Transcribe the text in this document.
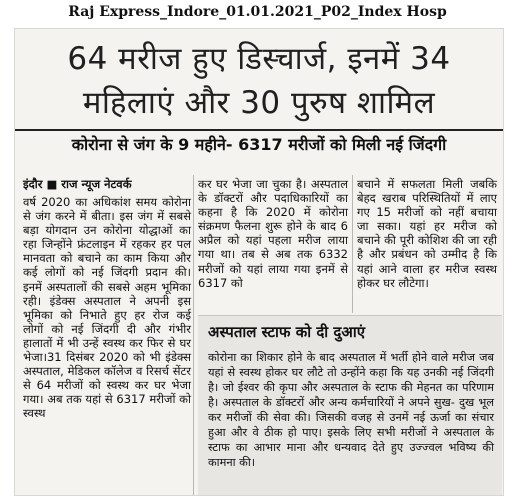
Raj Express_Indore_01.01.2021_P02_Index Hosp
64 मरीज हुए डिस्चार्ज, इनमें 34
महिलाएं और 30 पुरुष शामिल
कोरोना से जंग के 9 महीने- 6317 मरीजों को मिली नई जिंदगी
इंदौर ■ राज न्यूज नेटवर्क

वर्ष 2020 का अधिकांश समय कोरोना से जंग करने में बीता। इस जंग में सबसे बड़ा योगदान उन कोरोना योद्धाओं का रहा जिन्होंने फ्रंटलाइन में रहकर हर पल मानवता को बचाने का काम किया और कई लोगों को नई जिंदगी प्रदान की। इनमें अस्पतालों की सबसे अहम भूमिका रही। इंडेक्स अस्पताल ने अपनी इस भूमिका को निभाते हुए हर रोज कई लोगों को नई जिंदगी दी और गंभीर हालातों में भी उन्हें स्वस्थ कर फिर से घर भेजा।31 दिसंबर 2020 को भी इंडेक्स अस्पताल, मेडिकल कॉलेज व रिसर्च सेंटर से 64 मरीजों को स्वस्थ कर घर भेजा गया। अब तक यहां से 6317 मरीजों को स्वस्थ

कर घर भेजा जा चुका है। अस्पताल के डॉक्टरों और पदाधिकारियों का कहना है कि 2020 में कोरोना संक्रमण फैलना शुरू होने के बाद 6 अप्रैल को यहां पहला मरीज लाया गया था। तब से अब तक 6332 मरीजों को यहां लाया गया इनमें से 6317 को

बचाने में सफलता मिली जबकि बेहद खराब परिस्थितियों में लाए गए 15 मरीजों को नहीं बचाया जा सका। यहां हर मरीज को बचाने की पूरी कोशिश की जा रही है और प्रबंधन को उम्मीद है कि यहां आने वाला हर मरीज स्वस्थ होकर घर लौटेगा।

अस्पताल स्टाफ को दी दुआएं
कोरोना का शिकार होने के बाद अस्पताल में भर्ती होने वाले मरीज जब यहां से स्वस्थ होकर घर लौटे तो उन्होंने कहा कि यह उनकी नई जिंदगी है। जो ईश्वर की कृपा और अस्पताल के स्टाफ की मेहनत का परिणाम है। अस्पताल के डॉक्टरों और अन्य कर्मचारियों ने अपने सुख- दुख भूल कर मरीजों की सेवा की। जिसकी वजह से उनमें नई ऊर्जा का संचार हुआ और वे ठीक हो पाए। इसके लिए सभी मरीजों ने अस्पताल के स्टाफ का आभार माना और धन्यवाद देते हुए उज्ज्वल भविष्य की कामना की।
